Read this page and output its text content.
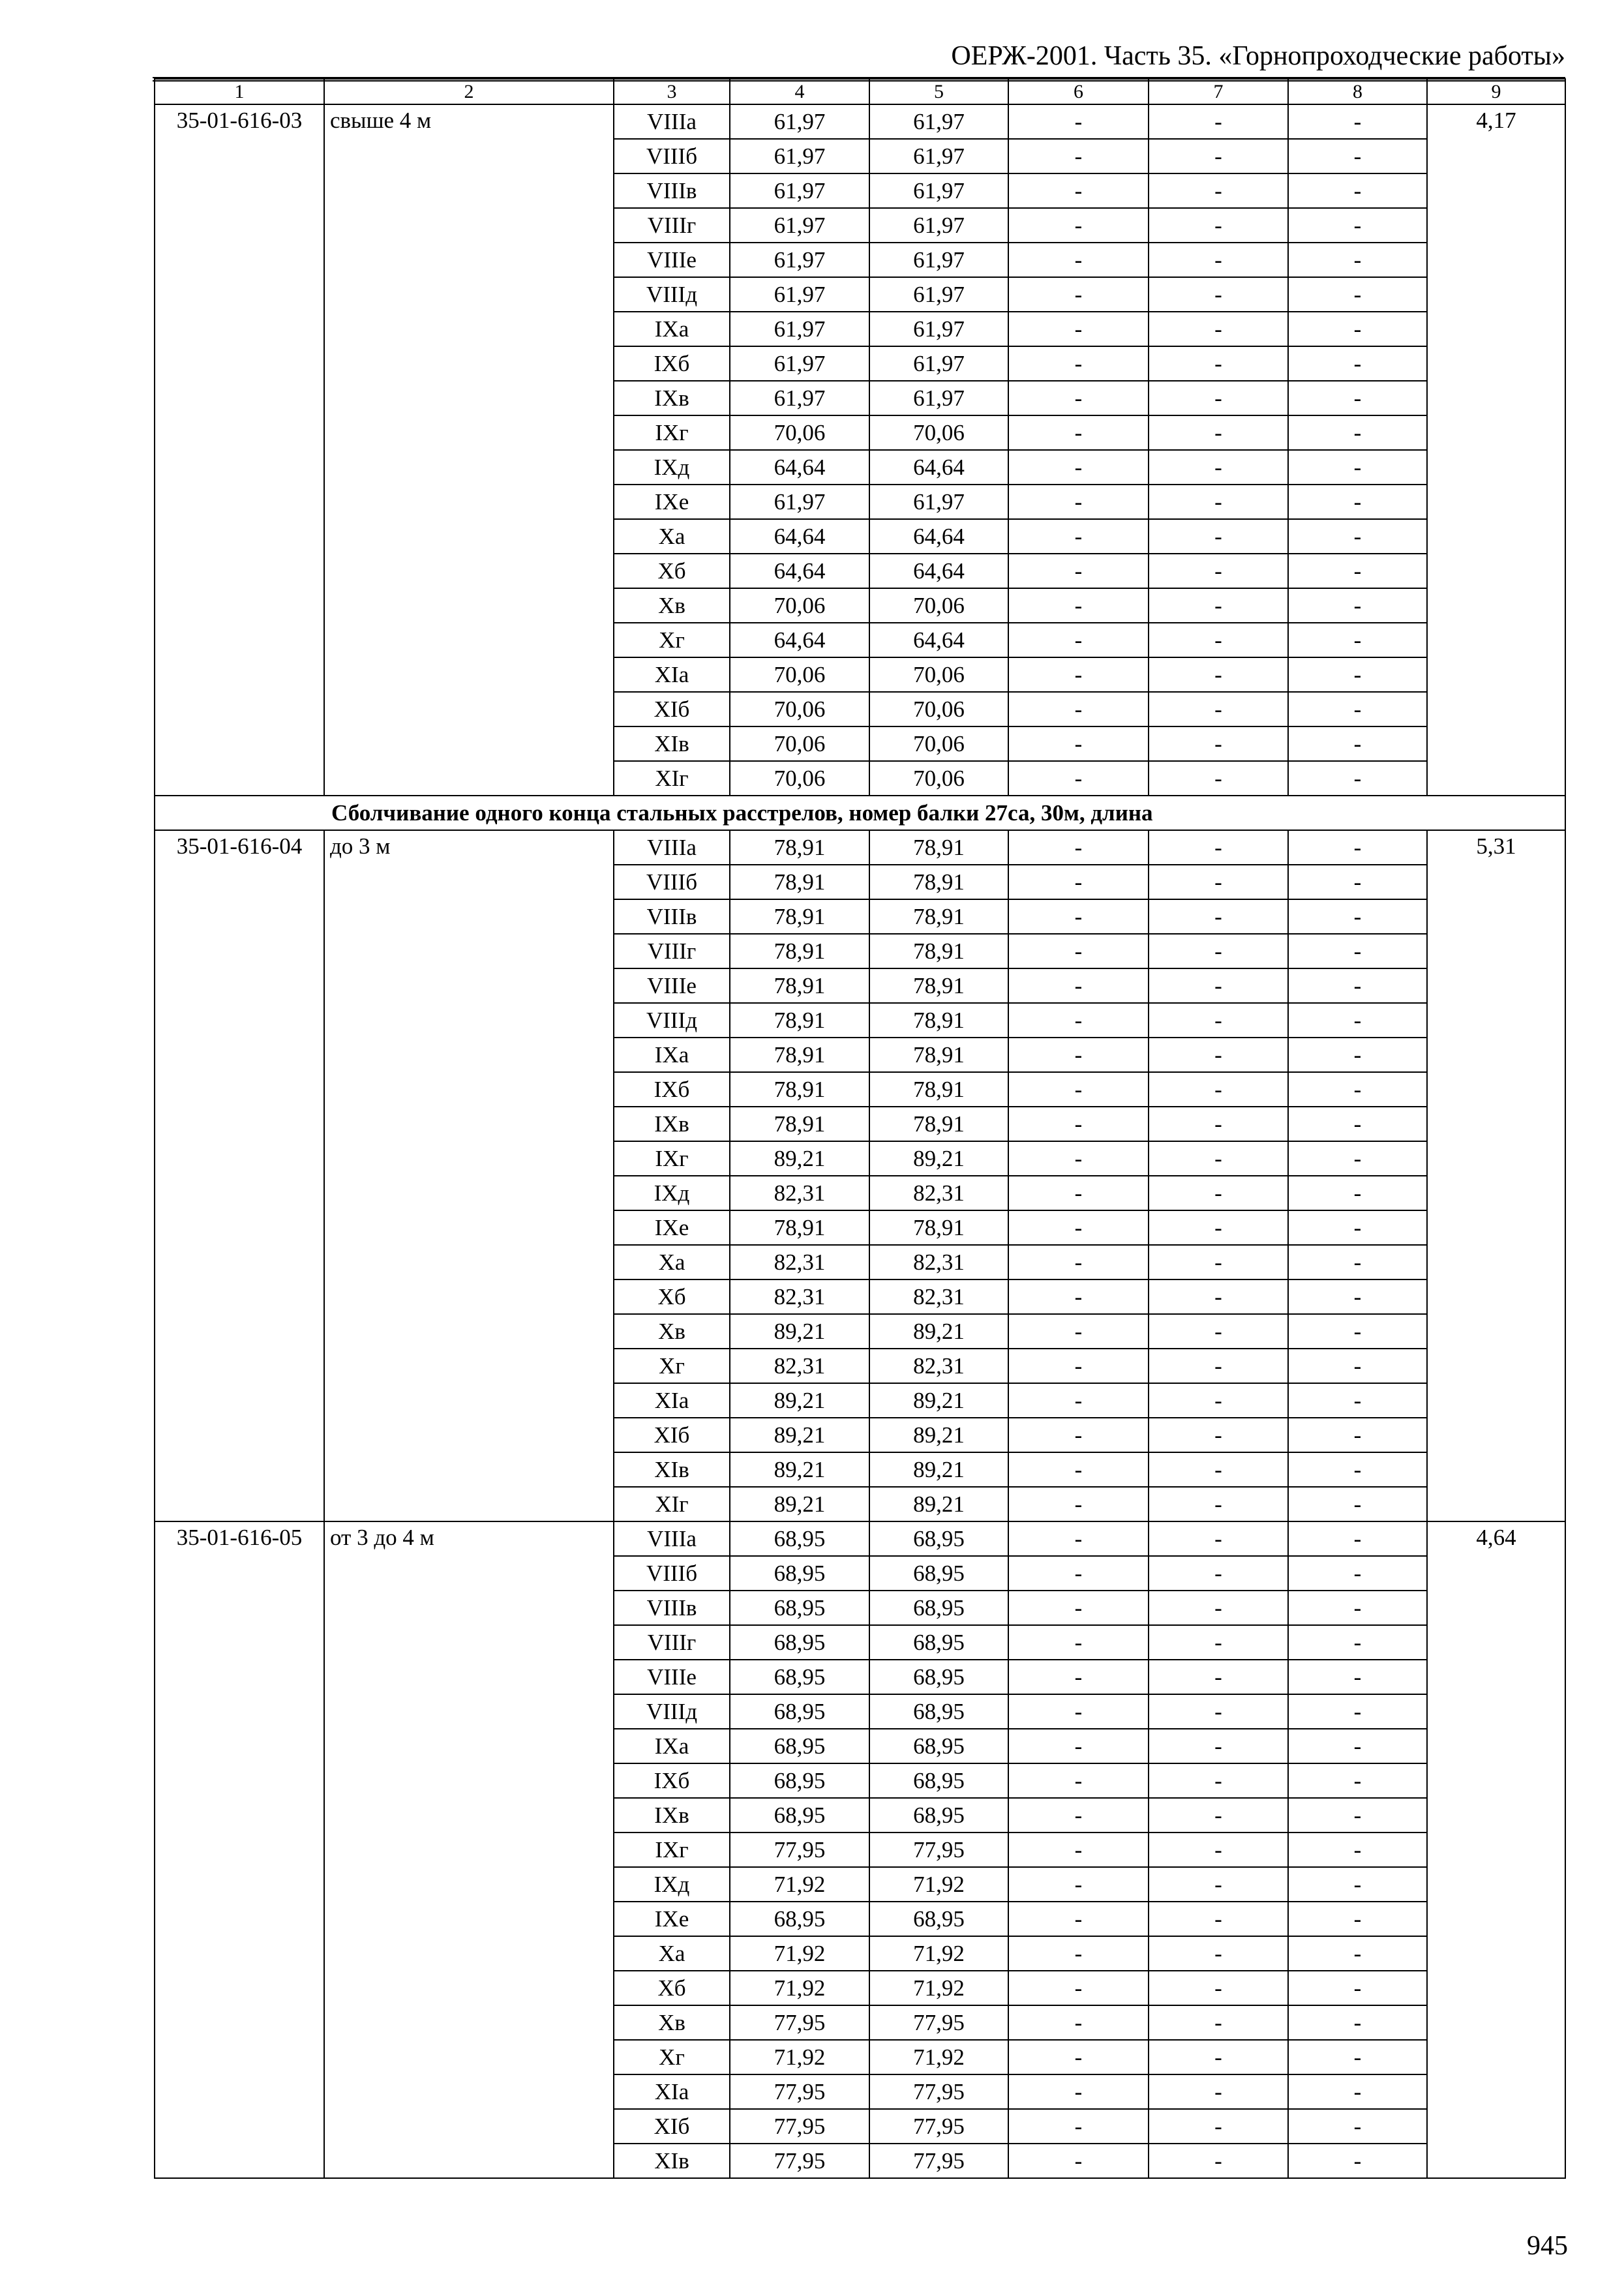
ОЕРЖ-2001. Часть 35. «Горнопроходческие работы»
1	2	3	4	5	6	7	8	9
35-01-616-03	свыше 4 м	VIIIа	61,97	61,97	-	-	-	4,17
		VIIIб	61,97	61,97	-	-	-	
		VIIIв	61,97	61,97	-	-	-	
		VIIIг	61,97	61,97	-	-	-	
		VIIIе	61,97	61,97	-	-	-	
		VIIIд	61,97	61,97	-	-	-	
		IXа	61,97	61,97	-	-	-	
		IXб	61,97	61,97	-	-	-	
		IXв	61,97	61,97	-	-	-	
		IXг	70,06	70,06	-	-	-	
		IXд	64,64	64,64	-	-	-	
		IXе	61,97	61,97	-	-	-	
		Xа	64,64	64,64	-	-	-	
		Xб	64,64	64,64	-	-	-	
		Xв	70,06	70,06	-	-	-	
		Xг	64,64	64,64	-	-	-	
		XIа	70,06	70,06	-	-	-	
		XIб	70,06	70,06	-	-	-	
		XIв	70,06	70,06	-	-	-	
		XIг	70,06	70,06	-	-	-	
Сболчивание одного конца стальных расстрелов, номер балки 27са, 30м, длина								
35-01-616-04	до 3 м	VIIIа	78,91	78,91	-	-	-	5,31
		VIIIб	78,91	78,91	-	-	-	
		VIIIв	78,91	78,91	-	-	-	
		VIIIг	78,91	78,91	-	-	-	
		VIIIе	78,91	78,91	-	-	-	
		VIIIд	78,91	78,91	-	-	-	
		IXа	78,91	78,91	-	-	-	
		IXб	78,91	78,91	-	-	-	
		IXв	78,91	78,91	-	-	-	
		IXг	89,21	89,21	-	-	-	
		IXд	82,31	82,31	-	-	-	
		IXе	78,91	78,91	-	-	-	
		Xа	82,31	82,31	-	-	-	
		Xб	82,31	82,31	-	-	-	
		Xв	89,21	89,21	-	-	-	
		Xг	82,31	82,31	-	-	-	
		XIа	89,21	89,21	-	-	-	
		XIб	89,21	89,21	-	-	-	
		XIв	89,21	89,21	-	-	-	
		XIг	89,21	89,21	-	-	-	
35-01-616-05	от 3 до 4 м	VIIIа	68,95	68,95	-	-	-	4,64
		VIIIб	68,95	68,95	-	-	-	
		VIIIв	68,95	68,95	-	-	-	
		VIIIг	68,95	68,95	-	-	-	
		VIIIе	68,95	68,95	-	-	-	
		VIIIд	68,95	68,95	-	-	-	
		IXа	68,95	68,95	-	-	-	
		IXб	68,95	68,95	-	-	-	
		IXв	68,95	68,95	-	-	-	
		IXг	77,95	77,95	-	-	-	
		IXд	71,92	71,92	-	-	-	
		IXе	68,95	68,95	-	-	-	
		Xа	71,92	71,92	-	-	-	
		Xб	71,92	71,92	-	-	-	
		Xв	77,95	77,95	-	-	-	
		Xг	71,92	71,92	-	-	-	
		XIа	77,95	77,95	-	-	-	
		XIб	77,95	77,95	-	-	-	
		XIв	77,95	77,95	-	-	-	
945
